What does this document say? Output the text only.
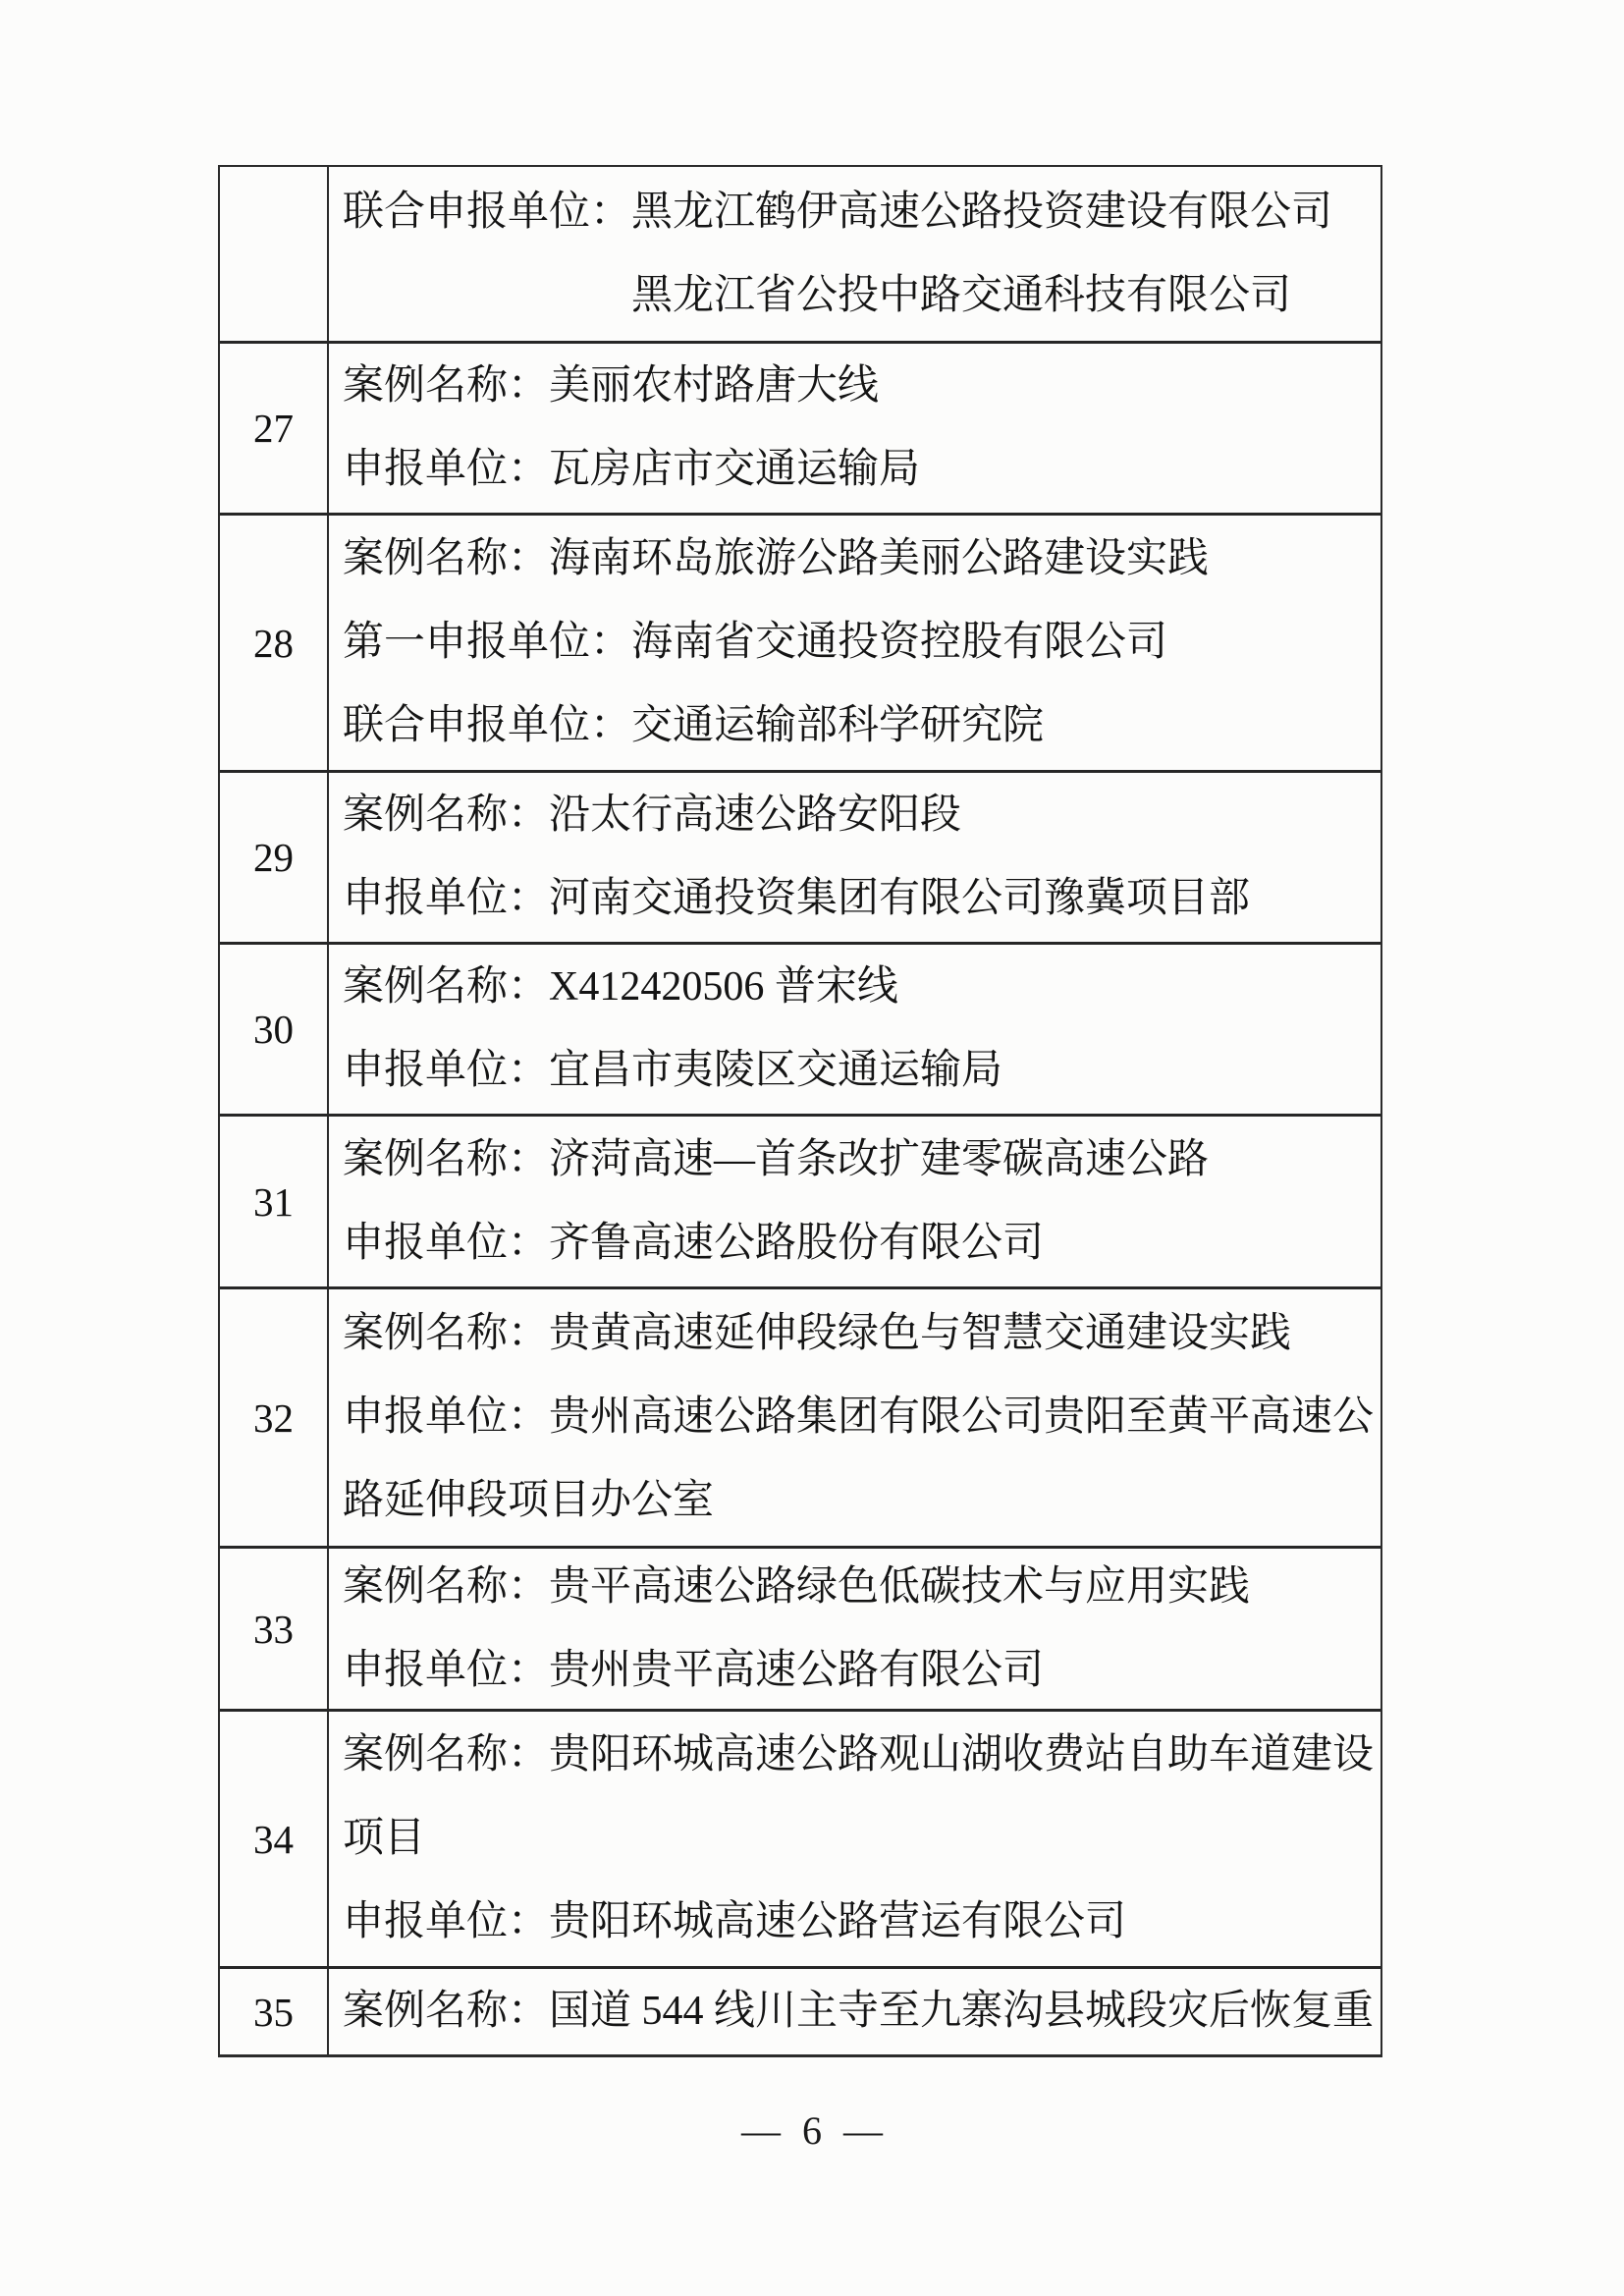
联合申报单位：黑龙江鹤伊高速公路投资建设有限公司
黑龙江省公投中路交通科技有限公司
27
案例名称：美丽农村路唐大线
申报单位：瓦房店市交通运输局
28
案例名称：海南环岛旅游公路美丽公路建设实践
第一申报单位：海南省交通投资控股有限公司
联合申报单位：交通运输部科学研究院
29
案例名称：沿太行高速公路安阳段
申报单位：河南交通投资集团有限公司豫冀项目部
30
案例名称：X412420506 普宋线
申报单位：宜昌市夷陵区交通运输局
31
案例名称：济菏高速—首条改扩建零碳高速公路
申报单位：齐鲁高速公路股份有限公司
32
案例名称：贵黄高速延伸段绿色与智慧交通建设实践
申报单位：贵州高速公路集团有限公司贵阳至黄平高速公
路延伸段项目办公室
33
案例名称：贵平高速公路绿色低碳技术与应用实践
申报单位：贵州贵平高速公路有限公司
34
案例名称：贵阳环城高速公路观山湖收费站自助车道建设
项目
申报单位：贵阳环城高速公路营运有限公司
35	案例名称：国道 544 线川主寺至九寨沟县城段灾后恢复重
— 6 —
